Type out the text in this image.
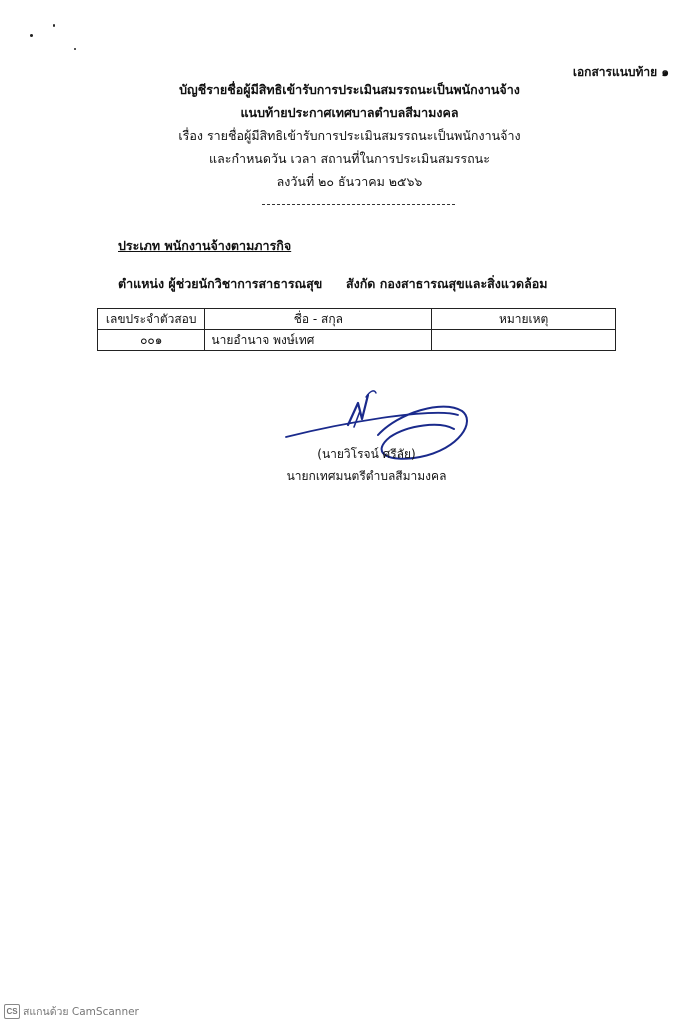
เอกสารแนบท้าย ๑
บัญชีรายชื่อผู้มีสิทธิเข้ารับการประเมินสมรรถนะเป็นพนักงานจ้าง
แนบท้ายประกาศเทศบาลตำบลสีมามงคล
เรื่อง รายชื่อผู้มีสิทธิเข้ารับการประเมินสมรรถนะเป็นพนักงานจ้าง
และกำหนดวัน เวลา สถานที่ในการประเมินสมรรถนะ
ลงวันที่ ๒๐ ธันวาคม ๒๕๖๖
ประเภท พนักงานจ้างตามภารกิจ
ตำแหน่ง ผู้ช่วยนักวิชาการสาธารณสุข สังกัด กองสาธารณสุขและสิ่งแวดล้อม
เลขประจำตัวสอบ	ชื่อ - สกุล	หมายเหตุ
๐๐๑	นายอำนาจ พงษ์เทศ	
(นายวิโรจน์ ศรีลัย)
นายกเทศมนตรีตำบลสีมามงคล
CS สแกนด้วย CamScanner
